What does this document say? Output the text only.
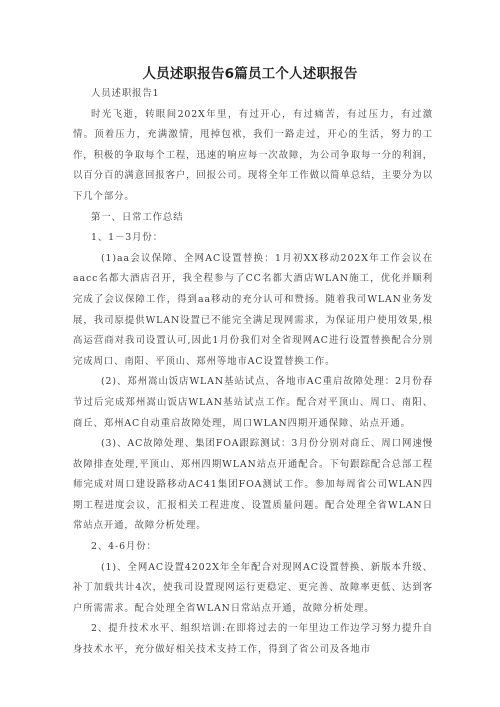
人员述职报告6篇员工个人述职报告

人员述职报告1

时光飞逝，转眼间202X年里，有过开心，有过痛苦，有过压力，有过激情。顶着压力，充满激情，甩掉包袱，我们一路走过，开心的生活，努力的工作，积极的争取每个工程，迅速的响应每一次故障，为公司争取每一分的利润，以百分百的满意回报客户，回报公司。现将全年工作做以简单总结，主要分为以下几个部分。

第一、日常工作总结

1、1－3月份：

(1)aa会议保障、全网AC设置替换：1月初XX移动202X年工作会议在aacc名都大酒店召开，我全程参与了CC名都大酒店WLAN施工，优化并顺利完成了会议保障工作，得到aa移动的充分认可和赞扬。随着我司WLAN业务发展，我司原提供WLAN设置已不能完全满足现网需求，为保证用户使用效果,根高运营商对我司设置认可,因此1月份我们对全省现网AC进行设置替换配合分别完成周口、南阳、平顶山、郑州等地市AC设置替换工作。

(2)、郑州嵩山饭店WLAN基站试点、各地市AC重启故障处理：2月份春节过后完成郑州嵩山饭店WLAN基站试点工作。配合对平顶山、周口、南阳、商丘、郑州AC自动重启故障处理，周口WLAN四期开通保障、站点开通。

(3)、AC故障处理、集团FOA跟踪测试：3月份分别对商丘、周口网速慢故障排查处理,平顶山、郑州四期WLAN站点开通配合。下旬跟踪配合总部工程师完成对周口建设路移动AC41集团FOA测试工作。参加每周省公司WLAN四期工程进度会议，汇报相关工程进度、设置质量问题。配合处理全省WLAN日常站点开通，故障分析处理。

2、4-6月份：

(1)、全网AC设置4202X年全年配合对现网AC设置替换、新版本升级、补丁加载共计4次，使我司设置现网运行更稳定、更完善、故障率更低、达到客户所需需求。配合处理全省WLAN日常站点开通，故障分析处理。

2、提升技术水平、组织培训:在即将过去的一年里边工作边学习努力提升自身技术水平，充分做好相关技术支持工作，得到了省公司及各地市
